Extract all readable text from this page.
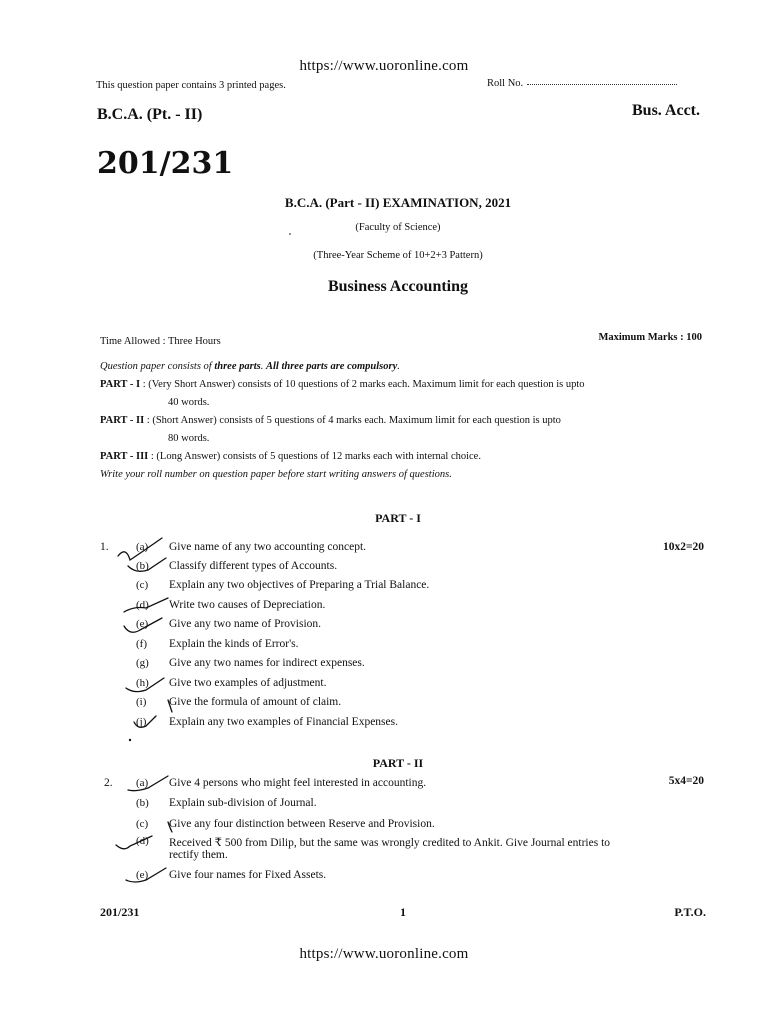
https://www.uoronline.com
This question paper contains 3 printed pages.	Roll No.
B.C.A. (Pt. - II)	Bus. Acct.
201/231
B.C.A. (Part - II) EXAMINATION, 2021
(Faculty of Science)
(Three-Year Scheme of 10+2+3 Pattern)
Business Accounting
Time Allowed : Three Hours	Maximum Marks : 100
Question paper consists of three parts. All three parts are compulsory.
PART - I : (Very Short Answer) consists of 10 questions of 2 marks each. Maximum limit for each question is upto
40 words.
PART - II : (Short Answer) consists of 5 questions of 4 marks each. Maximum limit for each question is upto
80 words.
PART - III : (Long Answer) consists of 5 questions of 12 marks each with internal choice.
Write your roll number on question paper before start writing answers of questions.
PART - I
1.	10x2=20
(a) Give name of any two accounting concept.
(b) Classify different types of Accounts.
(c) Explain any two objectives of Preparing a Trial Balance.
(d) Write two causes of Depreciation.
(e) Give any two name of Provision.
(f) Explain the kinds of Error's.
(g) Give any two names for indirect expenses.
(h) Give two examples of adjustment.
(i) Give the formula of amount of claim.
(j) Explain any two examples of Financial Expenses.
PART - II
2.	5x4=20
(a) Give 4 persons who might feel interested in accounting.
(b) Explain sub-division of Journal.
(c) Give any four distinction between Reserve and Provision.
(d) Received ₹ 500 from Dilip, but the same was wrongly credited to Ankit. Give Journal entries to
rectify them.
(e) Give four names for Fixed Assets.
201/231	1	P.T.O.
https://www.uoronline.com
